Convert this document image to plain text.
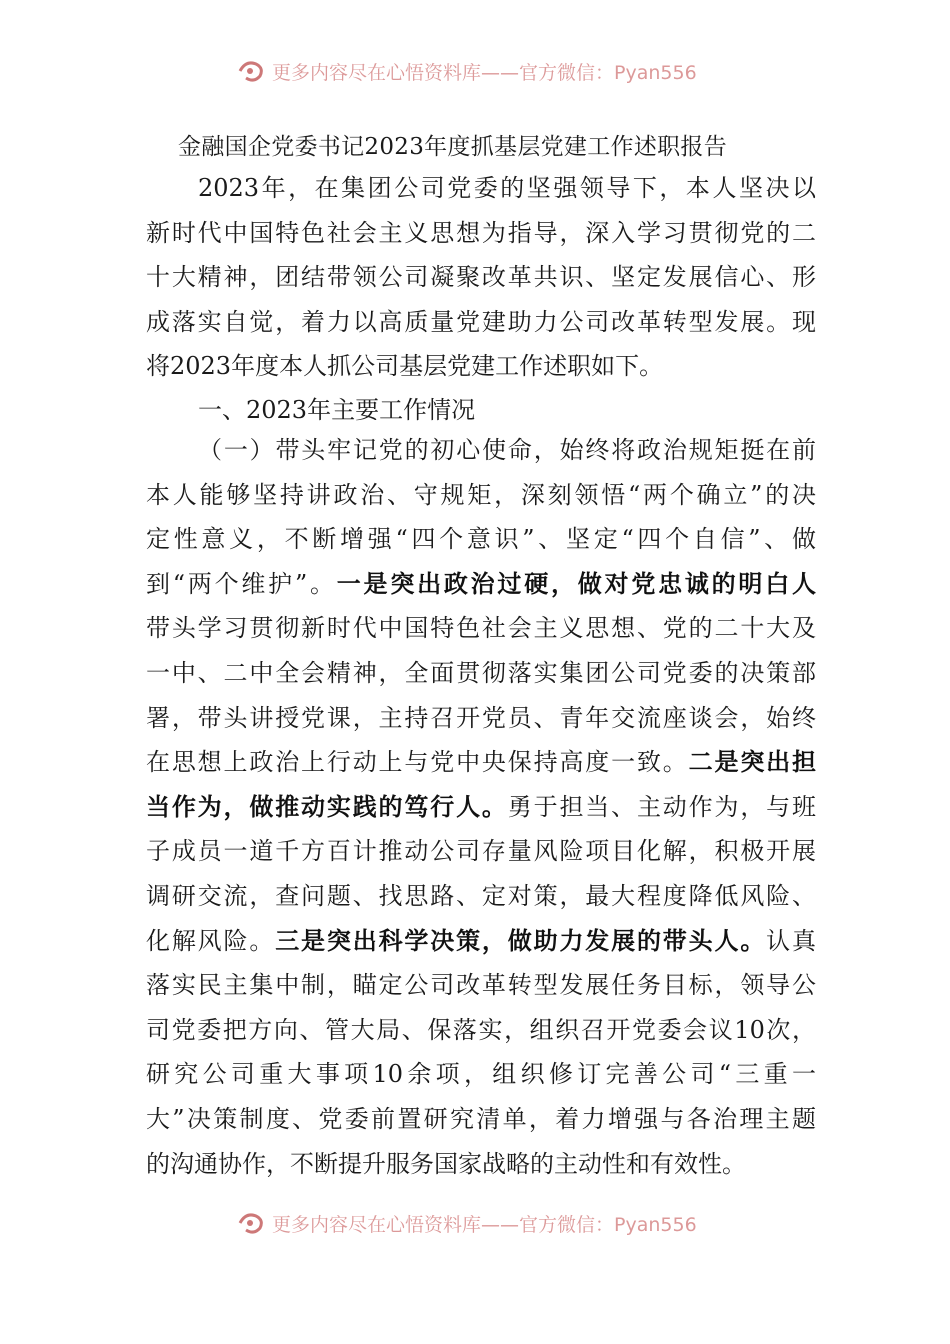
更多内容尽在心悟资料库——官方微信：Pyan556
金融国企党委书记2023年度抓基层党建工作述职报告
2023年，在集团公司党委的坚强领导下，本人坚决以
新时代中国特色社会主义思想为指导，深入学习贯彻党的二
十大精神，团结带领公司凝聚改革共识、坚定发展信心、形
成落实自觉，着力以高质量党建助力公司改革转型发展。现
将2023年度本人抓公司基层党建工作述职如下。
一、2023年主要工作情况
（一）带头牢记党的初心使命，始终将政治规矩挺在前
本人能够坚持讲政治、守规矩，深刻领悟“两个确立”的决
定性意义，不断增强“四个意识”、坚定“四个自信”、做
到“两个维护”。一是突出政治过硬，做对党忠诚的明白人
带头学习贯彻新时代中国特色社会主义思想、党的二十大及
一中、二中全会精神，全面贯彻落实集团公司党委的决策部
署，带头讲授党课，主持召开党员、青年交流座谈会，始终
在思想上政治上行动上与党中央保持高度一致。二是突出担
当作为，做推动实践的笃行人。勇于担当、主动作为，与班
子成员一道千方百计推动公司存量风险项目化解，积极开展
调研交流，查问题、找思路、定对策，最大程度降低风险、
化解风险。三是突出科学决策，做助力发展的带头人。认真
落实民主集中制，瞄定公司改革转型发展任务目标，领导公
司党委把方向、管大局、保落实，组织召开党委会议10次，
研究公司重大事项10余项，组织修订完善公司“三重一
大”决策制度、党委前置研究清单，着力增强与各治理主题
的沟通协作，不断提升服务国家战略的主动性和有效性。
更多内容尽在心悟资料库——官方微信：Pyan556
